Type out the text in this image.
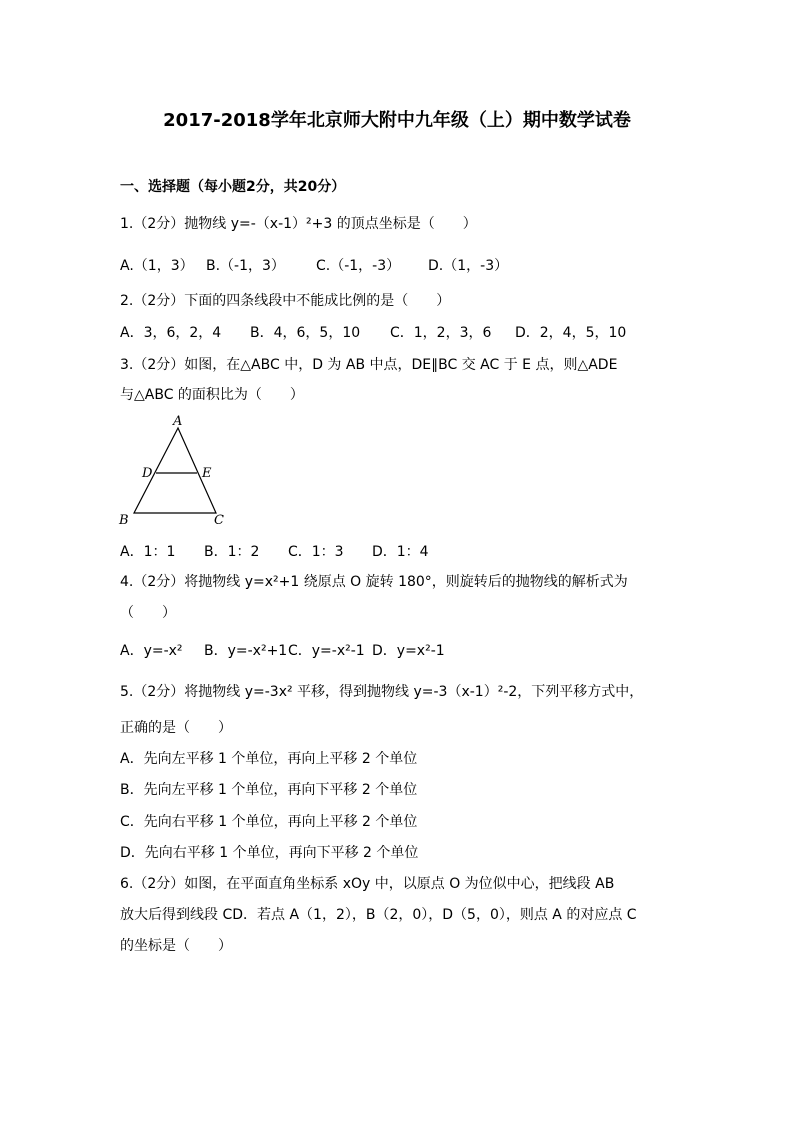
2017-2018学年北京师大附中九年级（上）期中数学试卷
一、选择题（每小题2分，共20分）
1.（2分）抛物线 y=-（x-1）²+3 的顶点坐标是（　　）
A.（1，3） B.（-1，3） C.（-1，-3） D.（1，-3）
2.（2分）下面的四条线段中不能成比例的是（　　）
A．3，6，2，4 B．4，6，5，10 C．1，2，3，6 D．2，4，5，10
3.（2分）如图，在△ABC 中，D 为 AB 中点，DE∥BC 交 AC 于 E 点，则△ADE
与△ABC 的面积比为（　　）
A
D	E
B	C
A．1：1 B．1：2 C．1：3 D．1：4
4.（2分）将抛物线 y=x²+1 绕原点 O 旋转 180°，则旋转后的抛物线的解析式为
（　　）
A．y=-x² B．y=-x²+1C．y=-x²-1 D．y=x²-1
5.（2分）将抛物线 y=-3x² 平移，得到抛物线 y=-3（x-1）²-2，下列平移方式中，
正确的是（　　）
A．先向左平移 1 个单位，再向上平移 2 个单位
B．先向左平移 1 个单位，再向下平移 2 个单位
C．先向右平移 1 个单位，再向上平移 2 个单位
D．先向右平移 1 个单位，再向下平移 2 个单位
6.（2分）如图，在平面直角坐标系 xOy 中，以原点 O 为位似中心，把线段 AB
放大后得到线段 CD．若点 A（1，2），B（2，0），D（5，0），则点 A 的对应点 C
的坐标是（　　）
